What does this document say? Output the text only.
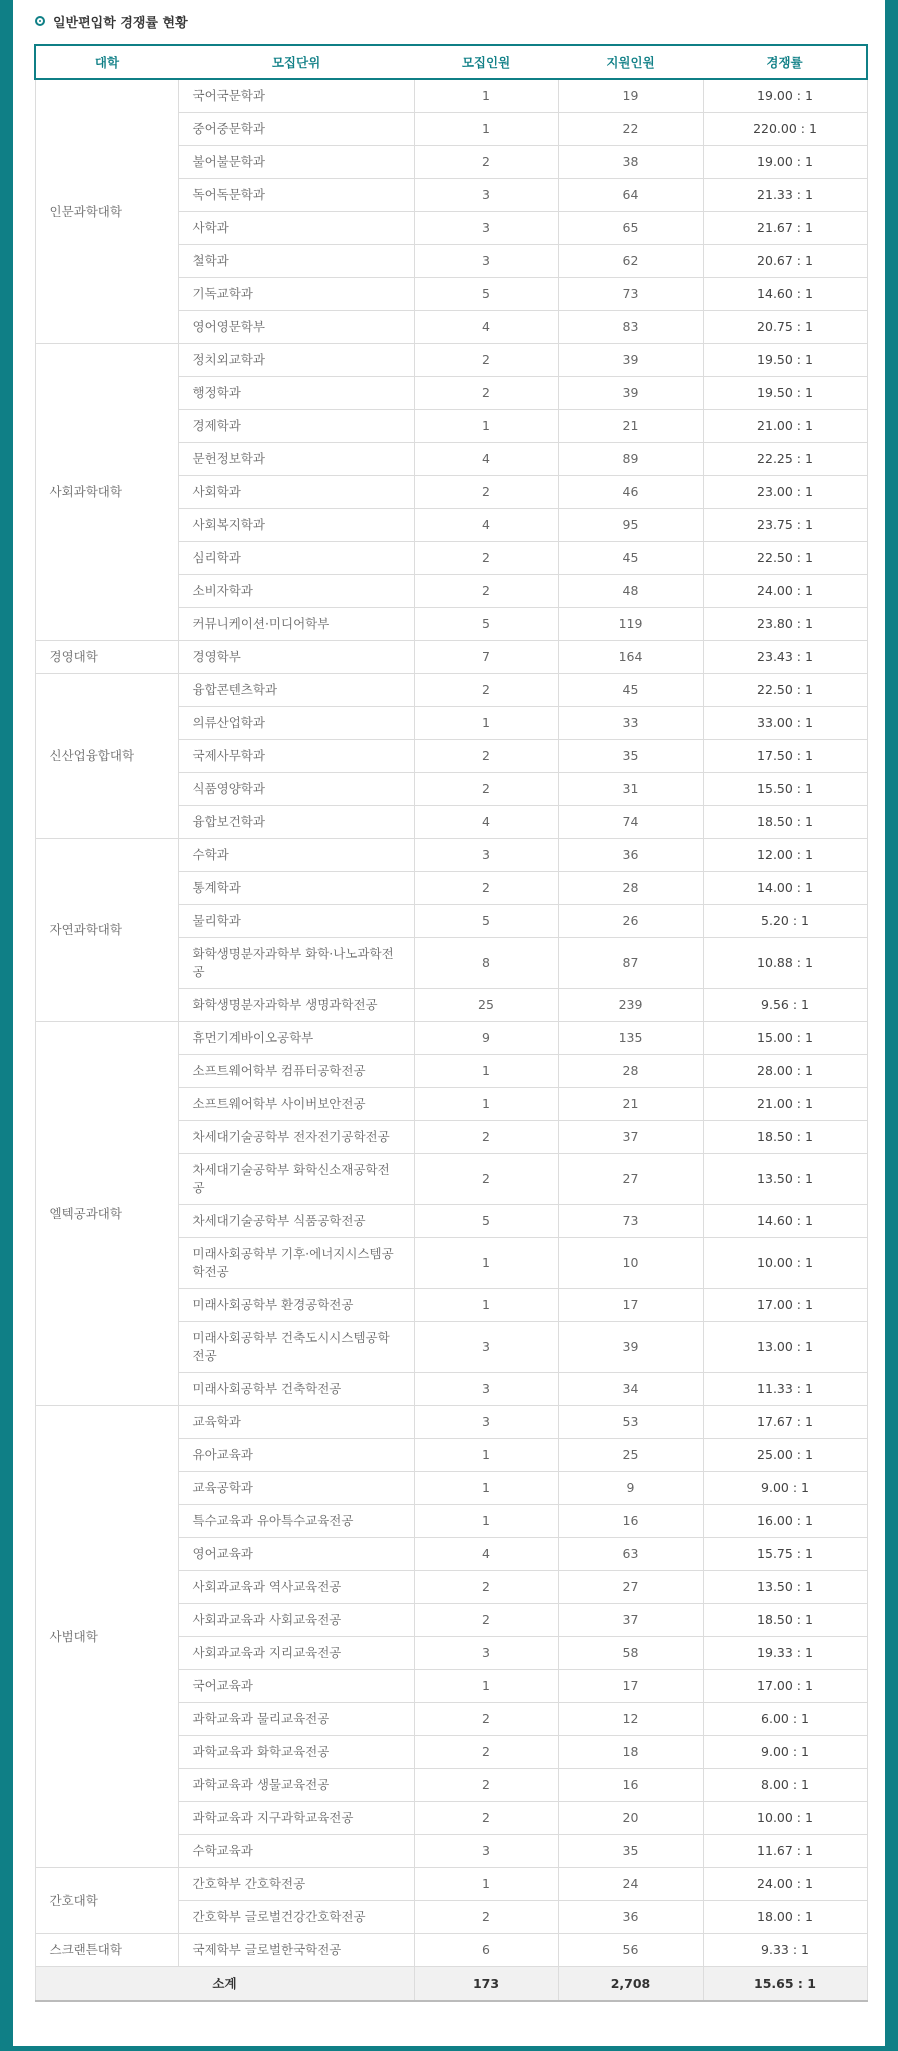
일반편입학 경쟁률 현황
대학	모집단위	모집인원	지원인원	경쟁률
인문과학대학	국어국문학과	1	19	19.00 : 1
	중어중문학과	1	22	220.00 : 1
	불어불문학과	2	38	19.00 : 1
	독어독문학과	3	64	21.33 : 1
	사학과	3	65	21.67 : 1
	철학과	3	62	20.67 : 1
	기독교학과	5	73	14.60 : 1
	영어영문학부	4	83	20.75 : 1
사회과학대학	정치외교학과	2	39	19.50 : 1
	행정학과	2	39	19.50 : 1
	경제학과	1	21	21.00 : 1
	문헌정보학과	4	89	22.25 : 1
	사회학과	2	46	23.00 : 1
	사회복지학과	4	95	23.75 : 1
	심리학과	2	45	22.50 : 1
	소비자학과	2	48	24.00 : 1
	커뮤니케이션·미디어학부	5	119	23.80 : 1
경영대학	경영학부	7	164	23.43 : 1
신산업융합대학	융합콘텐츠학과	2	45	22.50 : 1
	의류산업학과	1	33	33.00 : 1
	국제사무학과	2	35	17.50 : 1
	식품영양학과	2	31	15.50 : 1
	융합보건학과	4	74	18.50 : 1
자연과학대학	수학과	3	36	12.00 : 1
	통계학과	2	28	14.00 : 1
	물리학과	5	26	5.20 : 1
	화학생명분자과학부 화학·나노과학전공	8	87	10.88 : 1
	화학생명분자과학부 생명과학전공	25	239	9.56 : 1
엘텍공과대학	휴먼기계바이오공학부	9	135	15.00 : 1
	소프트웨어학부 컴퓨터공학전공	1	28	28.00 : 1
	소프트웨어학부 사이버보안전공	1	21	21.00 : 1
	차세대기술공학부 전자전기공학전공	2	37	18.50 : 1
	차세대기술공학부 화학신소재공학전공	2	27	13.50 : 1
	차세대기술공학부 식품공학전공	5	73	14.60 : 1
	미래사회공학부 기후·에너지시스템공학전공	1	10	10.00 : 1
	미래사회공학부 환경공학전공	1	17	17.00 : 1
	미래사회공학부 건축도시시스템공학전공	3	39	13.00 : 1
	미래사회공학부 건축학전공	3	34	11.33 : 1
사범대학	교육학과	3	53	17.67 : 1
	유아교육과	1	25	25.00 : 1
	교육공학과	1	9	9.00 : 1
	특수교육과 유아특수교육전공	1	16	16.00 : 1
	영어교육과	4	63	15.75 : 1
	사회과교육과 역사교육전공	2	27	13.50 : 1
	사회과교육과 사회교육전공	2	37	18.50 : 1
	사회과교육과 지리교육전공	3	58	19.33 : 1
	국어교육과	1	17	17.00 : 1
	과학교육과 물리교육전공	2	12	6.00 : 1
	과학교육과 화학교육전공	2	18	9.00 : 1
	과학교육과 생물교육전공	2	16	8.00 : 1
	과학교육과 지구과학교육전공	2	20	10.00 : 1
	수학교육과	3	35	11.67 : 1
간호대학	간호학부 간호학전공	1	24	24.00 : 1
	간호학부 글로벌건강간호학전공	2	36	18.00 : 1
스크랜튼대학	국제학부 글로벌한국학전공	6	56	9.33 : 1
소계		173	2,708	15.65 : 1
